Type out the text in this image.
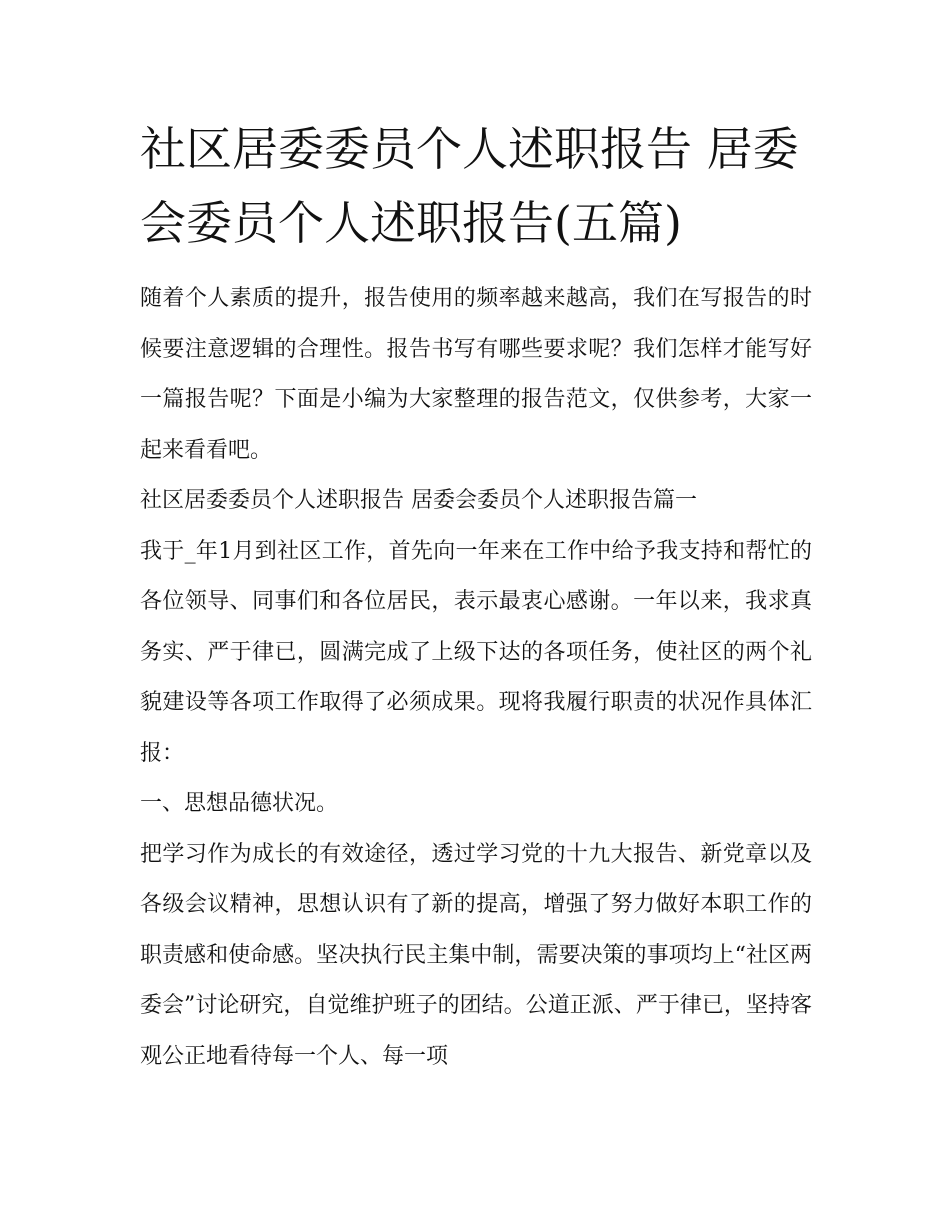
社区居委委员个人述职报告 居委会委员个人述职报告(五篇)

随着个人素质的提升，报告使用的频率越来越高，我们在写报告的时候要注意逻辑的合理性。报告书写有哪些要求呢？我们怎样才能写好一篇报告呢？下面是小编为大家整理的报告范文，仅供参考，大家一起来看看吧。

社区居委委员个人述职报告 居委会委员个人述职报告篇一

我于_年1月到社区工作，首先向一年来在工作中给予我支持和帮忙的各位领导、同事们和各位居民，表示最衷心感谢。一年以来，我求真务实、严于律已，圆满完成了上级下达的各项任务，使社区的两个礼貌建设等各项工作取得了必须成果。现将我履行职责的状况作具体汇报：

一、思想品德状况。

把学习作为成长的有效途径，透过学习党的十九大报告、新党章以及各级会议精神，思想认识有了新的提高，增强了努力做好本职工作的职责感和使命感。坚决执行民主集中制，需要决策的事项均上“社区两委会”讨论研究，自觉维护班子的团结。公道正派、严于律已，坚持客观公正地看待每一个人、每一项
